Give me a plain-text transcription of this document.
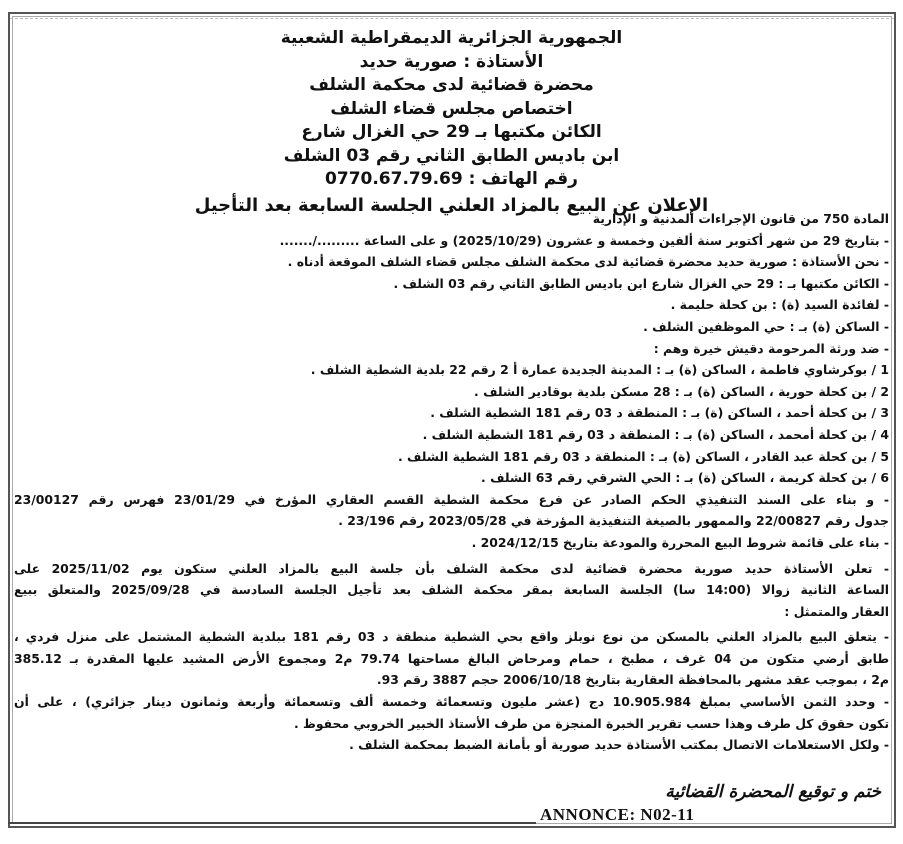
الجمهورية الجزائرية الديمقراطية الشعبية
الأستاذة : صورية حديد
محضرة قضائية لدى محكمة الشلف
اختصاص مجلس قضاء الشلف
الكائن مكتبها بـ 29 حي الغزال شارع
ابن باديس الطابق الثاني رقم 03 الشلف
رقم الهاتف : 0770.67.79.69
الإعلان عن البيع بالمزاد العلني الجلسة السابعة بعد التأجيل
المادة 750 من قانون الإجراءات المدنية و الإدارية
- بتاريخ 29 من شهر أكتوبر سنة ألفين وخمسة و عشرون (2025/10/29) و على الساعة ........./.......
- نحن الأستاذة : صورية حديد محضرة قضائية لدى محكمة الشلف مجلس قضاء الشلف الموقعة أدناه .
- الكائن مكتبها بـ : 29 حي الغزال شارع ابن باديس الطابق الثاني رقم 03 الشلف .
- لفائدة السيد (ة) : بن كحلة حليمة .
- الساكن (ة) بـ : حي الموظفين الشلف .
- ضد ورثة المرحومة دقيش خيرة وهم :
1 / بوكرشاوي فاطمة ، الساكن (ة) بـ : المدينة الجديدة عمارة أ 2 رقم 22 بلدية الشطية الشلف .
2 / بن كحلة حورية ، الساكن (ة) بـ : 28 مسكن بلدية بوقادير الشلف .
3 / بن كحلة أحمد ، الساكن (ة) بـ : المنطقة د 03 رقم 181 الشطية الشلف .
4 / بن كحلة أمحمد ، الساكن (ة) بـ : المنطقة د 03 رقم 181 الشطية الشلف .
5 / بن كحلة عبد القادر ، الساكن (ة) بـ : المنطقة د 03 رقم 181 الشطية الشلف .
6 / بن كحلة كريمة ، الساكن (ة) بـ : الحي الشرقي رقم 63 الشلف .
- و بناء على السند التنفيذي الحكم الصادر عن فرع محكمة الشطية القسم العقاري المؤرخ في 23/01/29 فهرس رقم 23/00127
جدول رقم 22/00827 والممهور بالصيغة التنفيذية المؤرخة في 2023/05/28 رقم 23/196 .
- بناء على قائمة شروط البيع المحررة والمودعة بتاريخ 2024/12/15 .
- تعلن الأستاذة حديد صورية محضرة قضائية لدى محكمة الشلف بأن جلسة البيع بالمزاد العلني ستكون يوم 2025/11/02 على
الساعة الثانية زوالا (14:00 سا) الجلسة السابعة بمقر محكمة الشلف بعد تأجيل الجلسة السادسة في 2025/09/28 والمتعلق ببيع
العقار والمتمثل :
- يتعلق البيع بالمزاد العلني بالمسكن من نوع نوبلز واقع بحي الشطية منطقة د 03 رقم 181 ببلدية الشطية المشتمل على منزل فردي ،
طابق أرضي متكون من 04 غرف ، مطبخ ، حمام ومرحاض البالغ مساحتها 79.74 م2 ومجموع الأرض المشيد عليها المقدرة بـ 385.12
م2 ، بموجب عقد مشهر بالمحافظة العقارية بتاريخ 2006/10/18 حجم 3887 رقم 93.
- وحدد الثمن الأساسي بمبلغ 10.905.984 دج (عشر مليون وتسعمائة وخمسة ألف وتسعمائة وأربعة وثمانون دينار جزائري) ، على أن
تكون حقوق كل طرف وهذا حسب تقرير الخبرة المنجزة من طرف الأستاذ الخبير الخروبي محفوظ .
- ولكل الاستعلامات الاتصال بمكتب الأستاذة حديد صورية أو بأمانة الضبط بمحكمة الشلف .
ختم و توقيع المحضرة القضائية
ANNONCE: N02-11
